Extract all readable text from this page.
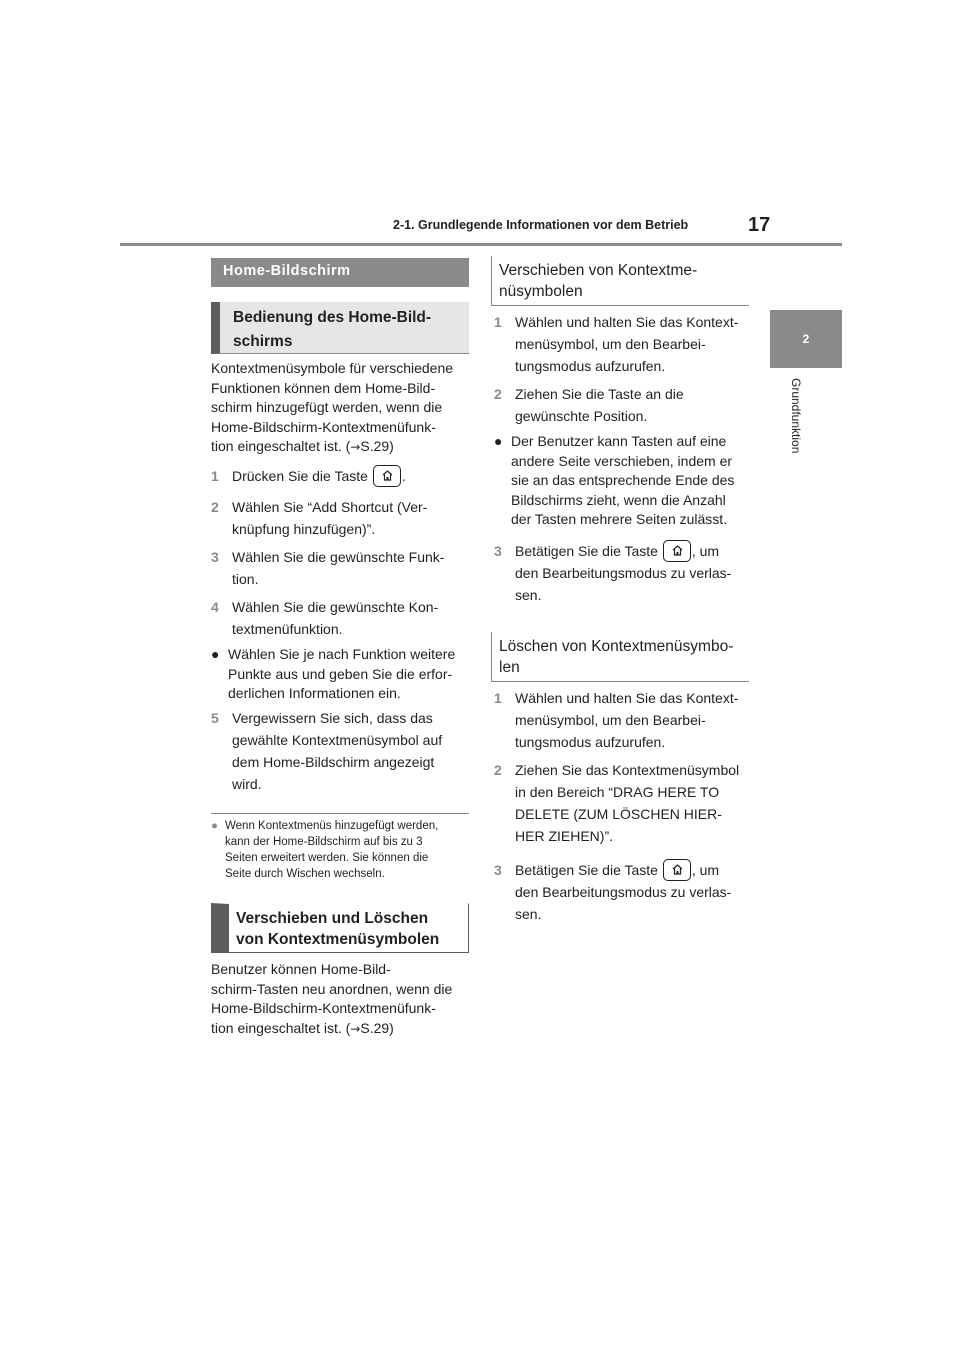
2-1. Grundlegende Informationen vor dem Betrieb	17
2
Grundfunktion
Home-Bildschirm
Bedienung des Home-Bild-
schirms
Kontextmenüsymbole für verschiedene
Funktionen können dem Home-Bild-
schirm hinzugefügt werden, wenn die
Home-Bildschirm-Kontextmenüfunk-
tion eingeschaltet ist. (→S.29)
1 Drücken Sie die Taste .
2 Wählen Sie “Add Shortcut (Ver-
knüpfung hinzufügen)”.
3 Wählen Sie die gewünschte Funk-
tion.
4 Wählen Sie die gewünschte Kon-
textmenüfunktion.
● Wählen Sie je nach Funktion weitere
Punkte aus und geben Sie die erfor-
derlichen Informationen ein.
5 Vergewissern Sie sich, dass das
gewählte Kontextmenüsymbol auf
dem Home-Bildschirm angezeigt
wird.
● Wenn Kontextmenüs hinzugefügt werden,
kann der Home-Bildschirm auf bis zu 3
Seiten erweitert werden. Sie können die
Seite durch Wischen wechseln.
Verschieben und Löschen
von Kontextmenüsymbolen
Benutzer können Home-Bild-
schirm-Tasten neu anordnen, wenn die
Home-Bildschirm-Kontextmenüfunk-
tion eingeschaltet ist. (→S.29)
Verschieben von Kontextme-
nüsymbolen
1 Wählen und halten Sie das Kontext-
menüsymbol, um den Bearbei-
tungsmodus aufzurufen.
2 Ziehen Sie die Taste an die
gewünschte Position.
● Der Benutzer kann Tasten auf eine
andere Seite verschieben, indem er
sie an das entsprechende Ende des
Bildschirms zieht, wenn die Anzahl
der Tasten mehrere Seiten zulässt.
3 Betätigen Sie die Taste , um
den Bearbeitungsmodus zu verlas-
sen.
Löschen von Kontextmenüsymbo-
len
1 Wählen und halten Sie das Kontext-
menüsymbol, um den Bearbei-
tungsmodus aufzurufen.
2 Ziehen Sie das Kontextmenüsymbol
in den Bereich “DRAG HERE TO
DELETE (ZUM LÖSCHEN HIER-
HER ZIEHEN)”.
3 Betätigen Sie die Taste , um
den Bearbeitungsmodus zu verlas-
sen.
